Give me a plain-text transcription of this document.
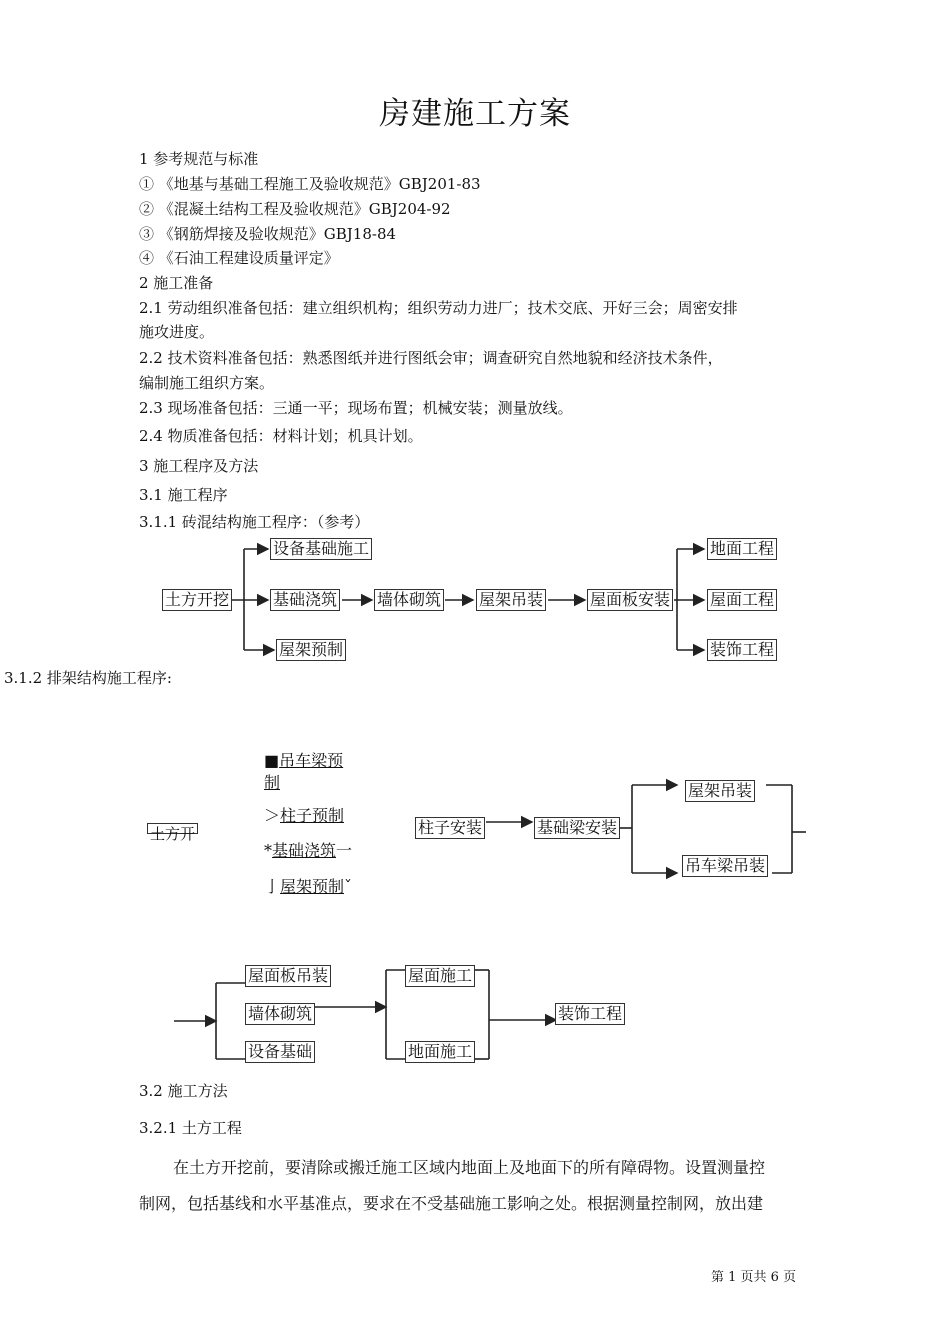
房建施工方案
1 参考规范与标准
① 《地基与基础工程施工及验收规范》GBJ201-83
② 《混凝土结构工程及验收规范》GBJ204-92
③ 《钢筋焊接及验收规范》GBJ18-84
④ 《石油工程建设质量评定》
2 施工准备
2.1 劳动组织准备包括：建立组织机构；组织劳动力进厂；技术交底、开好三会；周密安排
施攻进度。
2.2 技术资料准备包括：熟悉图纸并进行图纸会审；调查研究自然地貌和经济技术条件，
编制施工组织方案。
2.3 现场准备包括：三通一平；现场布置；机械安装；测量放线。
2.4 物质准备包括：材料计划；机具计划。
3 施工程序及方法
3.1 施工程序
3.1.1 砖混结构施工程序：（参考）
3.1.2 排架结构施工程序:
土方开挖
设备基础施工
基础浇筑
屋架预制
墙体砌筑 屋架吊装	屋面板安装
地面工程
屋面工程
装饰工程
土方开
■吊车梁预
制
＞柱子预制
*基础浇筑一
亅屋架预制ˇ
柱子安装	基础梁安装
屋架吊装
吊车梁吊装
屋面板吊装
墙体砌筑
设备基础
屋面施工
地面施工
装饰工程
3.2 施工方法
3.2.1 土方工程
在土方开挖前，要清除或搬迁施工区域内地面上及地面下的所有障碍物。设置测量控
制网，包括基线和水平基准点，要求在不受基础施工影响之处。根据测量控制网，放出建
第 1 页共 6 页
